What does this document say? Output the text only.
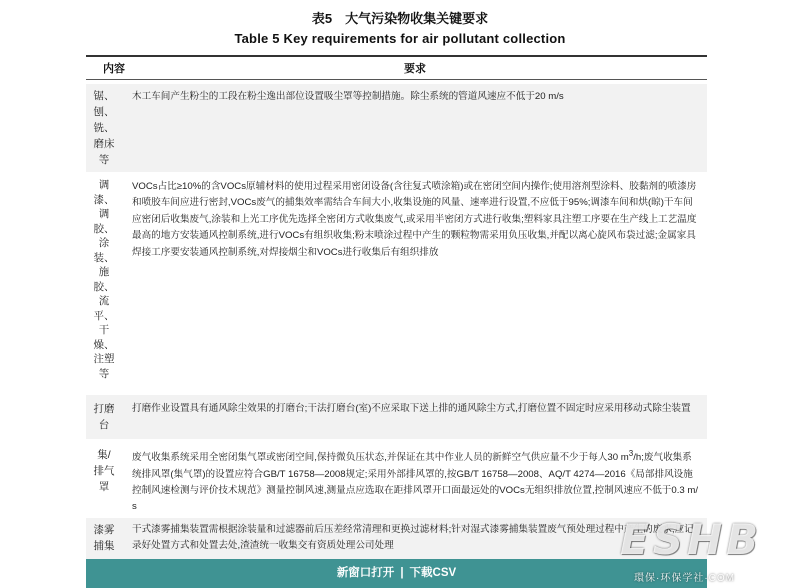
表5　大气污染物收集关键要求
Table 5 Key requirements for air pollutant collection
内容	要求
锯、
刨、
铣、
磨床
等
木工车间产生粉尘的工段在粉尘逸出部位设置吸尘罩等控制措施。除尘系统的管道风速应不低于20 m/s
调
漆、
调
胶、
涂
装、
施
胶、
流
平、
干
燥、
注塑
等
VOCs占比≥10%的含VOCs原辅材料的使用过程采用密闭设备(含往复式喷涂箱)或在密闭空间内操作;使用溶剂型涂料、胶黏剂的喷漆房和喷胶车间应进行密封,VOCs废气的捕集效率需结合车间大小,收集设施的风量、速率进行设置,不应低于95%;调漆车间和烘(晾)干车间应密闭后收集废气,涂装和上光工序优先选择全密闭方式收集废气,或采用半密闭方式进行收集;塑料家具注塑工序要在生产线上工艺温度最高的地方安装通风控制系统,进行VOCs有组织收集;粉末喷涂过程中产生的颗粒物需采用负压收集,并配以离心旋风布袋过滤;金属家具焊接工序要安装通风控制系统,对焊接烟尘和VOCs进行收集后有组织排放
打磨
台
打磨作业设置具有通风除尘效果的打磨台;干法打磨台(室)不应采取下送上排的通风除尘方式,打磨位置不固定时应采用移动式除尘装置
集/
排气
罩
废气收集系统采用全密闭集气罩或密闭空间,保持微负压状态,并保证在其中作业人员的新鲜空气供应量不少于每人30 $m^3/h$;废气收集系统排风罩(集气罩)的设置应符合GB/T 16758—2008规定;采用外部排风罩的,按GB/T 16758—2008、AQ/T 4274—2016《局部排风设施控制风速检测与评价技术规范》测量控制风速,测量点应选取在距排风罩开口面最远处的VOCs无组织排放位置,控制风速应不低于0.3 m/s
漆雾
捕集
干式漆雾捕集装置需根据涂装量和过滤器前后压差经常清理和更换过滤材料;针对湿式漆雾捕集装置废气预处理过程中产生的废水,应记录好处置方式和处置去处,渣渣统一收集交有资质处理公司处理
新窗口打开 | 下载CSV
ESHB
環保·环保学社·COM
